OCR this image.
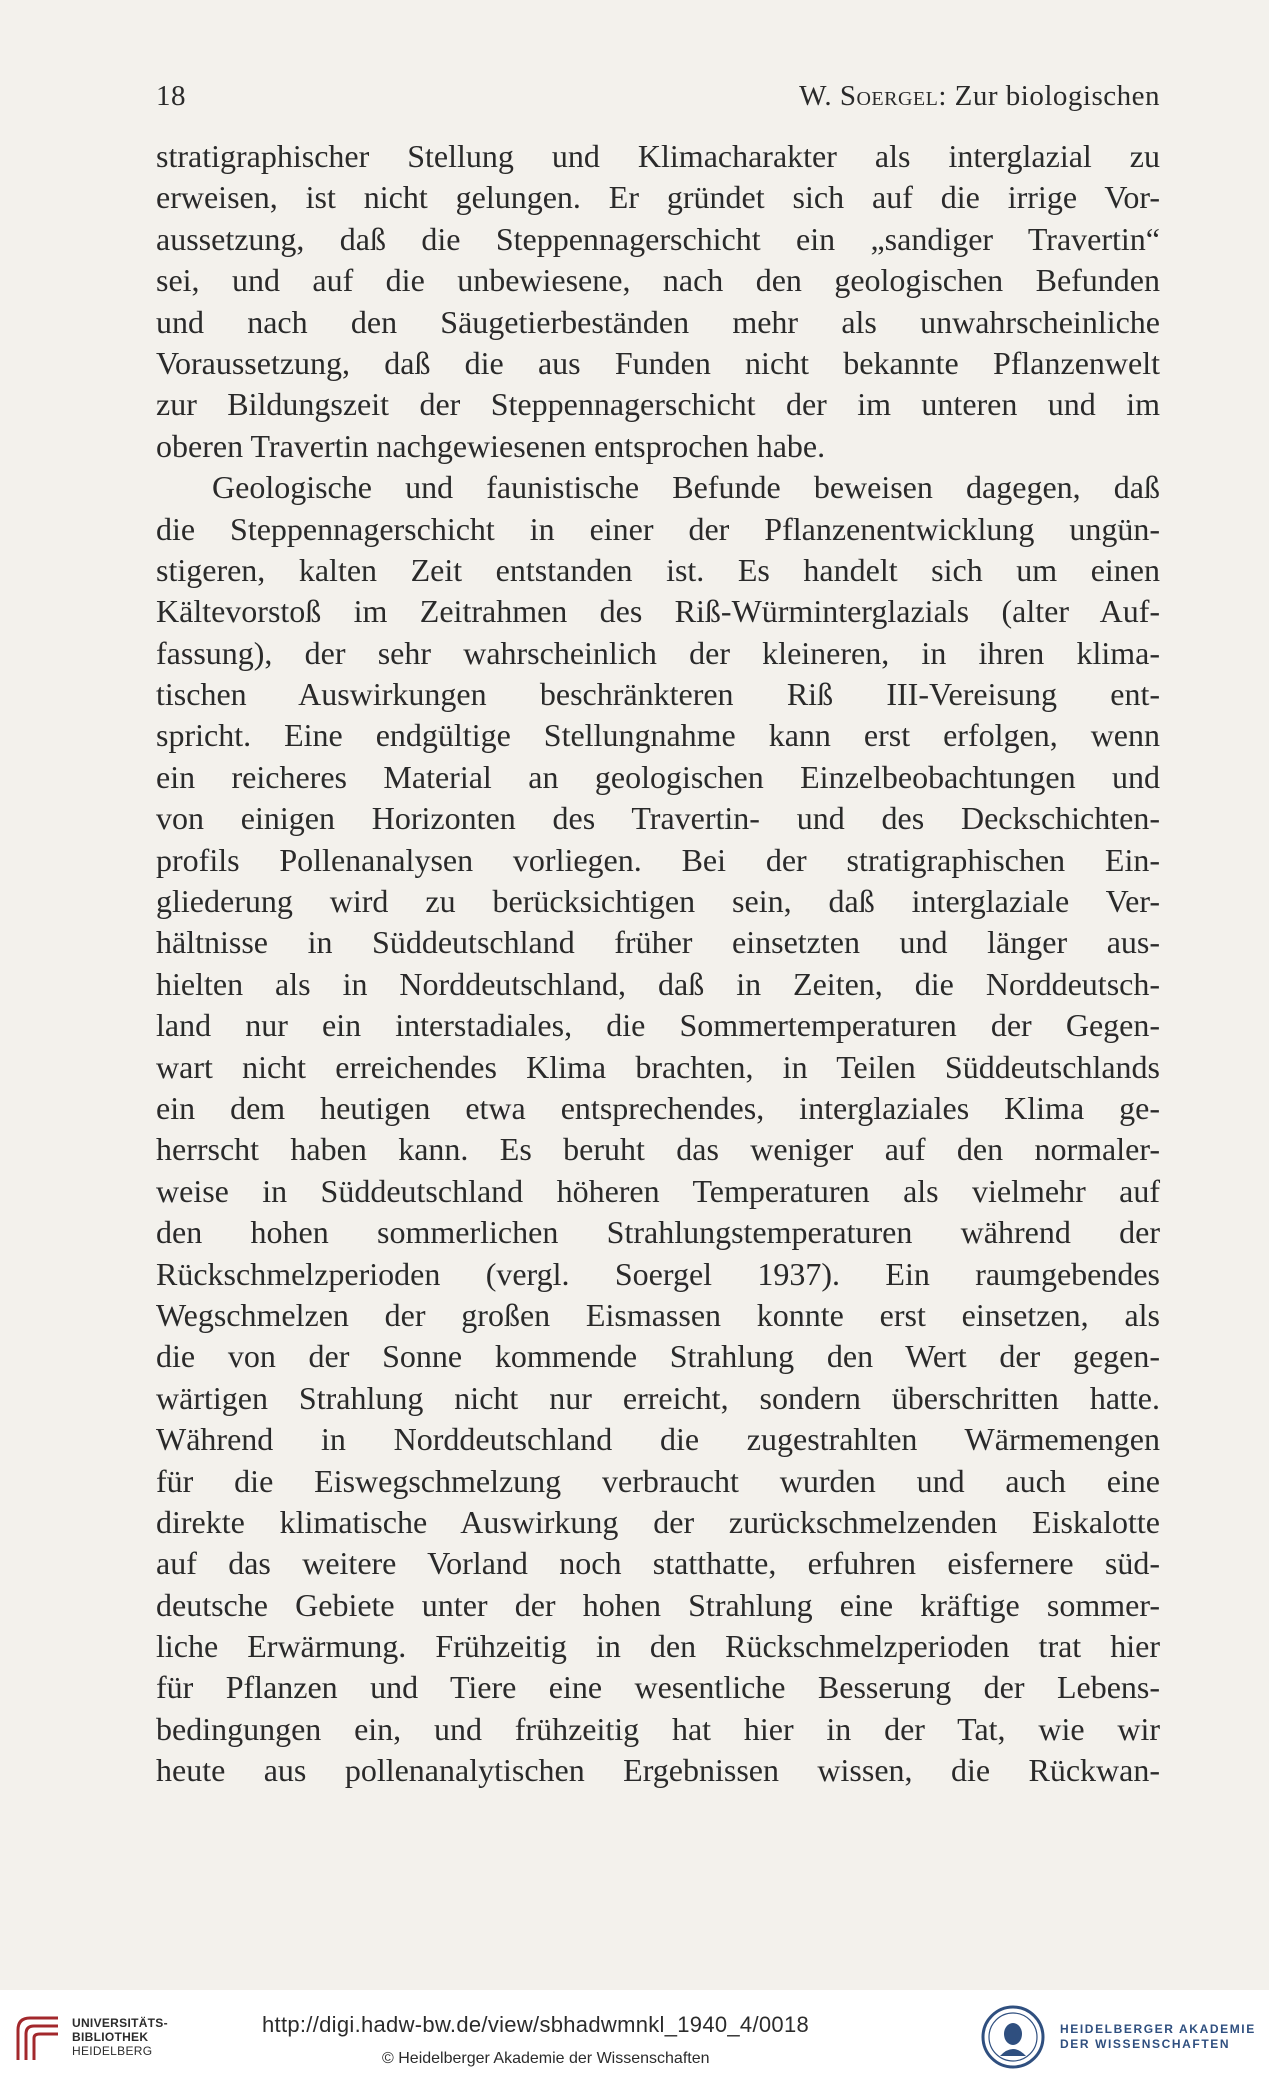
18	W. Soergel: Zur biologischen
stratigraphischer Stellung und Klimacharakter als interglazial zu
erweisen, ist nicht gelungen. Er gründet sich auf die irrige Vor-
aussetzung, daß die Steppennagerschicht ein „sandiger Travertin“
sei, und auf die unbewiesene, nach den geologischen Befunden
und nach den Säugetierbeständen mehr als unwahrscheinliche
Voraussetzung, daß die aus Funden nicht bekannte Pflanzenwelt
zur Bildungszeit der Steppennagerschicht der im unteren und im
oberen Travertin nachgewiesenen entsprochen habe.
Geologische und faunistische Befunde beweisen dagegen, daß
die Steppennagerschicht in einer der Pflanzenentwicklung ungün-
stigeren, kalten Zeit entstanden ist. Es handelt sich um einen
Kältevorstoß im Zeitrahmen des Riß-Würminterglazials (alter Auf-
fassung), der sehr wahrscheinlich der kleineren, in ihren klima-
tischen Auswirkungen beschränkteren Riß III-Vereisung ent-
spricht. Eine endgültige Stellungnahme kann erst erfolgen, wenn
ein reicheres Material an geologischen Einzelbeobachtungen und
von einigen Horizonten des Travertin- und des Deckschichten-
profils Pollenanalysen vorliegen. Bei der stratigraphischen Ein-
gliederung wird zu berücksichtigen sein, daß interglaziale Ver-
hältnisse in Süddeutschland früher einsetzten und länger aus-
hielten als in Norddeutschland, daß in Zeiten, die Norddeutsch-
land nur ein interstadiales, die Sommertemperaturen der Gegen-
wart nicht erreichendes Klima brachten, in Teilen Süddeutschlands
ein dem heutigen etwa entsprechendes, interglaziales Klima ge-
herrscht haben kann. Es beruht das weniger auf den normaler-
weise in Süddeutschland höheren Temperaturen als vielmehr auf
den hohen sommerlichen Strahlungstemperaturen während der
Rückschmelzperioden (vergl. Soergel 1937). Ein raumgebendes
Wegschmelzen der großen Eismassen konnte erst einsetzen, als
die von der Sonne kommende Strahlung den Wert der gegen-
wärtigen Strahlung nicht nur erreicht, sondern überschritten hatte.
Während in Norddeutschland die zugestrahlten Wärmemengen
für die Eiswegschmelzung verbraucht wurden und auch eine
direkte klimatische Auswirkung der zurückschmelzenden Eiskalotte
auf das weitere Vorland noch statthatte, erfuhren eisfernere süd-
deutsche Gebiete unter der hohen Strahlung eine kräftige sommer-
liche Erwärmung. Frühzeitig in den Rückschmelzperioden trat hier
für Pflanzen und Tiere eine wesentliche Besserung der Lebens-
bedingungen ein, und frühzeitig hat hier in der Tat, wie wir
heute aus pollenanalytischen Ergebnissen wissen, die Rückwan-
UNIVERSITÄTS-
BIBLIOTHEK
HEIDELBERG
http://digi.hadw-bw.de/view/sbhadwmnkl_1940_4/0018
© Heidelberger Akademie der Wissenschaften
HEIDELBERGER AKADEMIE
DER WISSENSCHAFTEN
